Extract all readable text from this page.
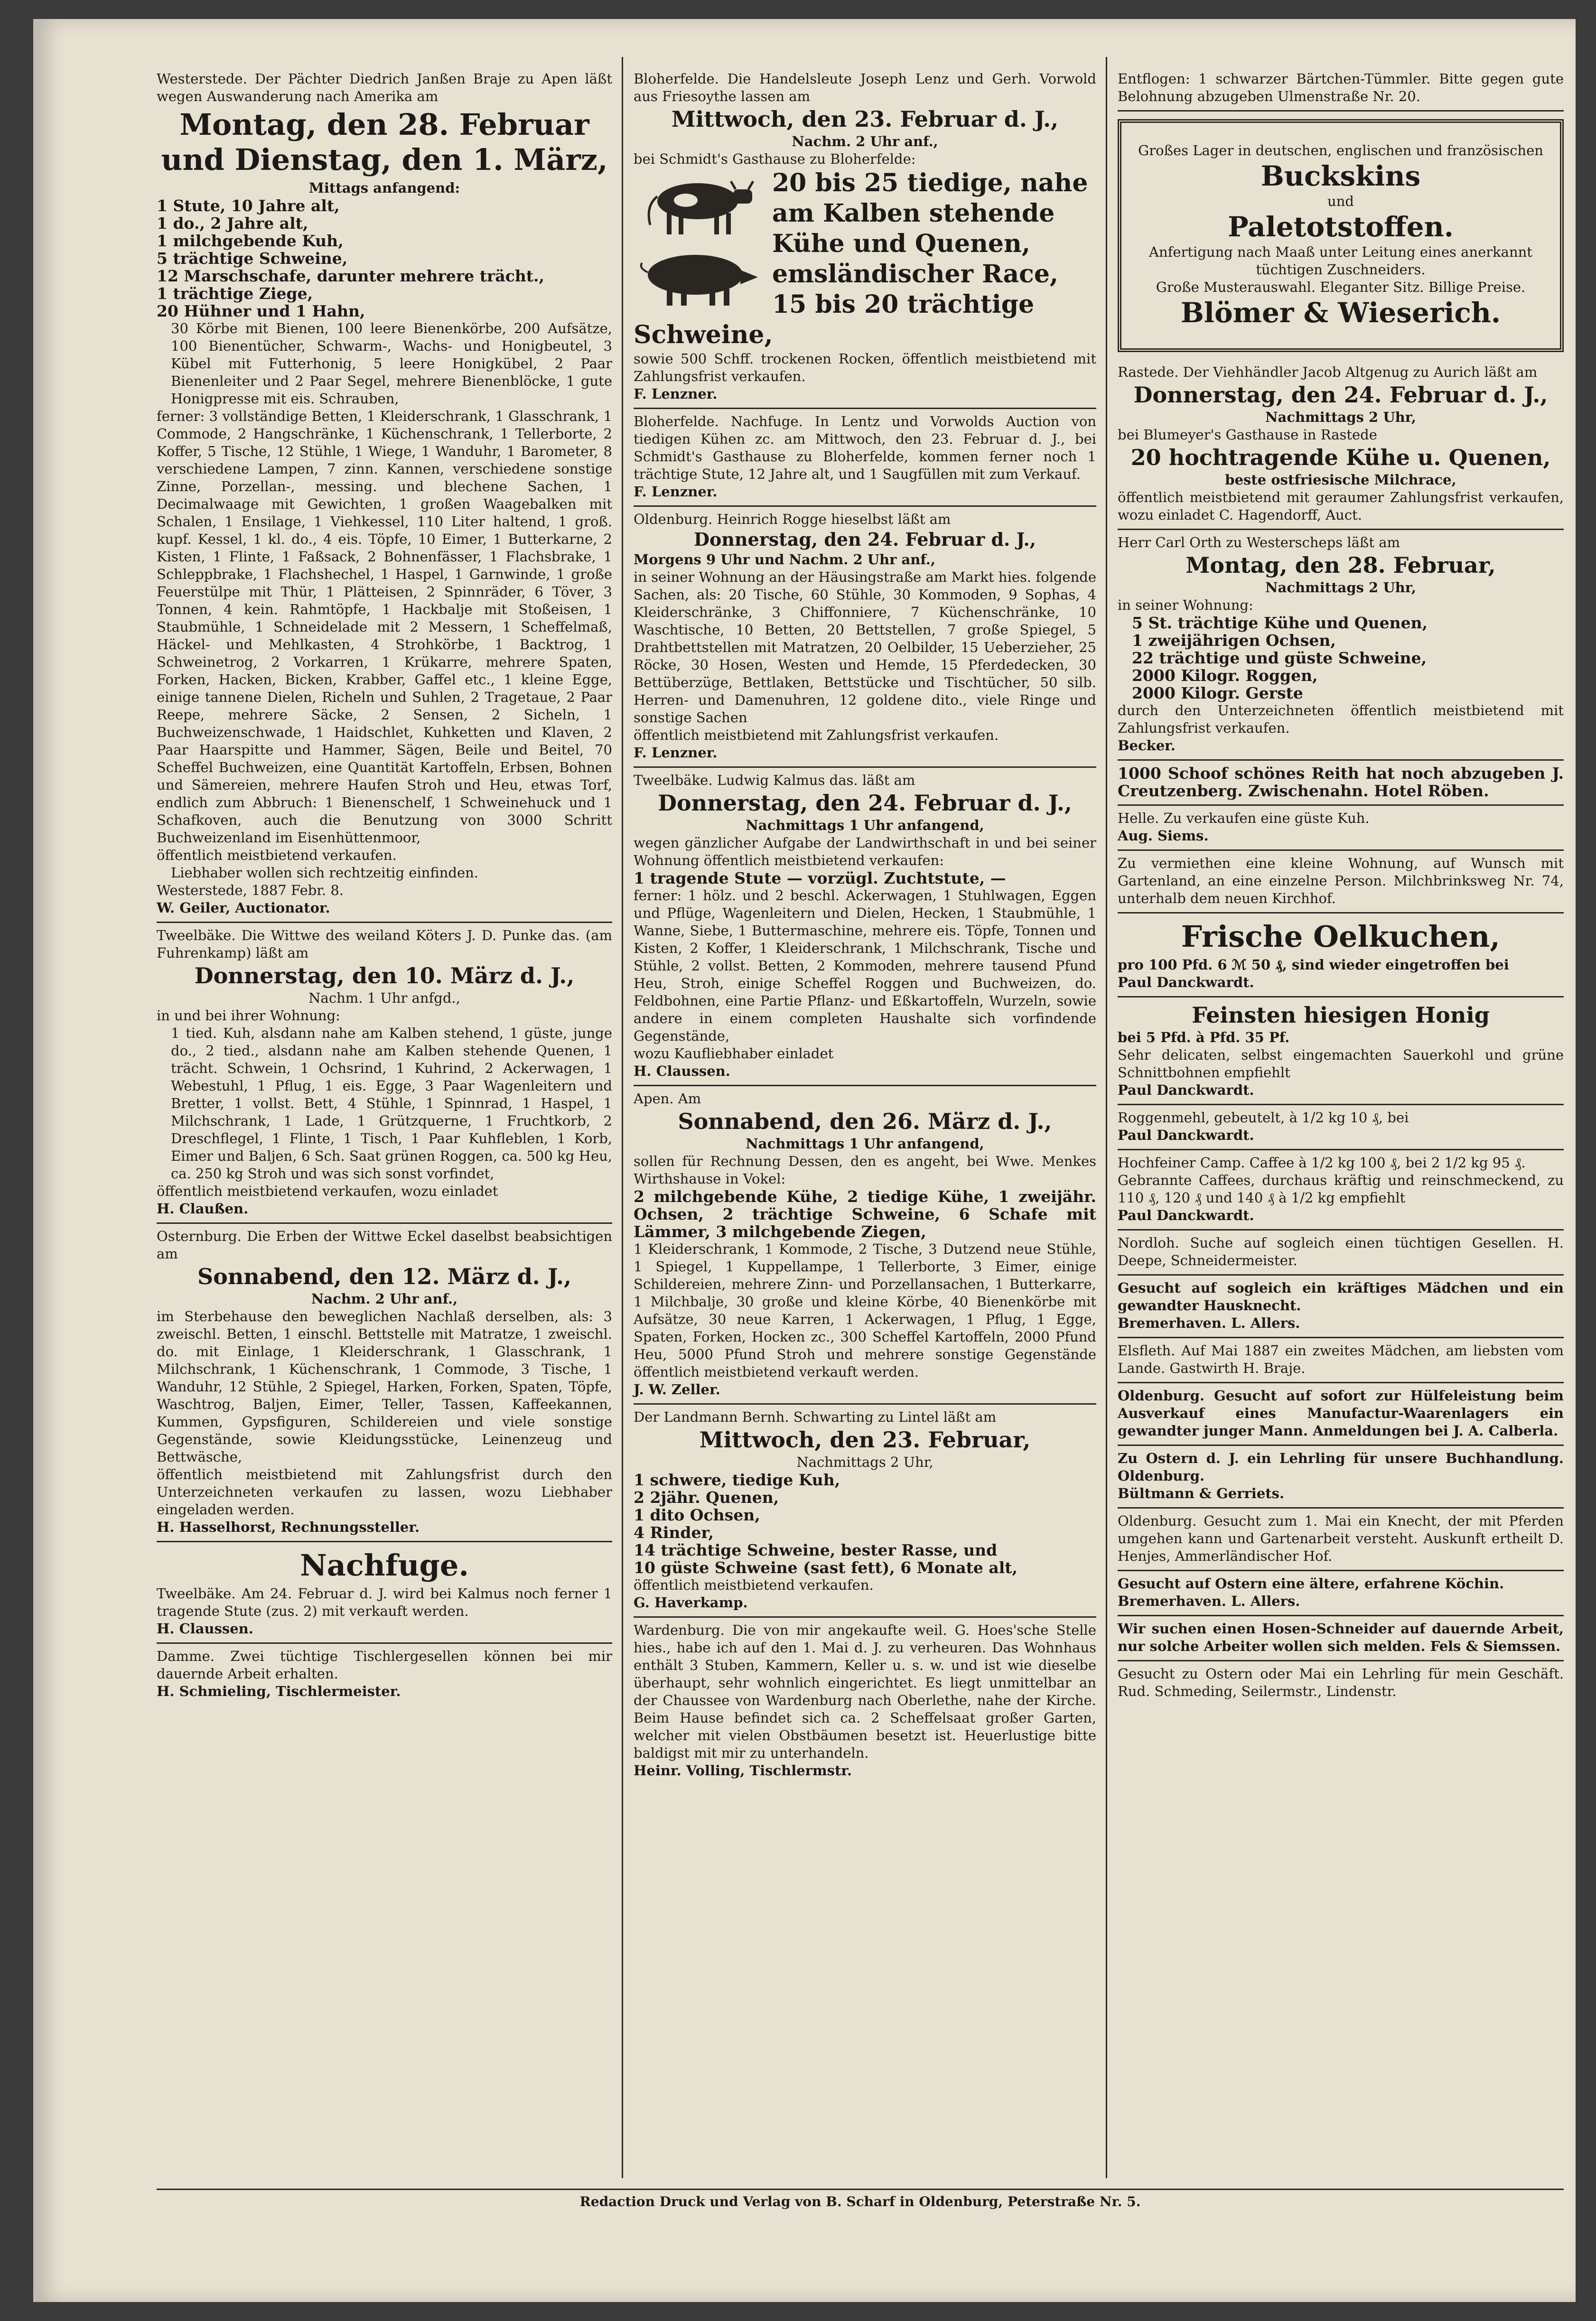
Westerstede. Der Pächter Diedrich Janßen Braje zu Apen läßt wegen Auswanderung nach Amerika am

Montag, den 28. Februar und Dienstag, den 1. März,

Mittags anfangend:

1 Stute, 10 Jahre alt,

1 do., 2 Jahre alt,

1 milchgebende Kuh,

5 trächtige Schweine,

12 Marschschafe, darunter mehrere trächt.,

1 trächtige Ziege,

20 Hühner und 1 Hahn,

30 Körbe mit Bienen, 100 leere Bienenkörbe, 200 Aufsätze, 100 Bienentücher, Schwarm-, Wachs- und Honigbeutel, 3 Kübel mit Futterhonig, 5 leere Honigkübel, 2 Paar Bienenleiter und 2 Paar Segel, mehrere Bienenblöcke, 1 gute Honigpresse mit eis. Schrauben,

ferner: 3 vollständige Betten, 1 Kleiderschrank, 1 Glasschrank, 1 Commode, 2 Hangschränke, 1 Küchenschrank, 1 Tellerborte, 2 Koffer, 5 Tische, 12 Stühle, 1 Wiege, 1 Wanduhr, 1 Barometer, 8 verschiedene Lampen, 7 zinn. Kannen, verschiedene sonstige Zinne, Porzellan-, messing. und blechene Sachen, 1 Decimalwaage mit Gewichten, 1 großen Waagebalken mit Schalen, 1 Ensilage, 1 Viehkessel, 110 Liter haltend, 1 groß. kupf. Kessel, 1 kl. do., 4 eis. Töpfe, 10 Eimer, 1 Butterkarne, 2 Kisten, 1 Flinte, 1 Faßsack, 2 Bohnenfässer, 1 Flachsbrake, 1 Schleppbrake, 1 Flachshechel, 1 Haspel, 1 Garnwinde, 1 große Feuerstülpe mit Thür, 1 Plätteisen, 2 Spinnräder, 6 Töver, 3 Tonnen, 4 kein. Rahmtöpfe, 1 Hackbalje mit Stoßeisen, 1 Staubmühle, 1 Schneidelade mit 2 Messern, 1 Scheffelmaß, Häckel- und Mehlkasten, 4 Strohkörbe, 1 Backtrog, 1 Schweinetrog, 2 Vorkarren, 1 Krükarre, mehrere Spaten, Forken, Hacken, Bicken, Krabber, Gaffel etc., 1 kleine Egge, einige tannene Dielen, Richeln und Suhlen, 2 Tragetaue, 2 Paar Reepe, mehrere Säcke, 2 Sensen, 2 Sicheln, 1 Buchweizenschwade, 1 Haidschlet, Kuhketten und Klaven, 2 Paar Haarspitte und Hammer, Sägen, Beile und Beitel, 70 Scheffel Buchweizen, eine Quantität Kartoffeln, Erbsen, Bohnen und Sämereien, mehrere Haufen Stroh und Heu, etwas Torf, endlich zum Abbruch: 1 Bienenschelf, 1 Schweinehuck und 1 Schafkoven, auch die Benutzung von 3000 Schritt Buchweizenland im Eisenhüttenmoor,

öffentlich meistbietend verkaufen.

Liebhaber wollen sich rechtzeitig einfinden.

Westerstede, 1887 Febr. 8.

W. Geiler, Auctionator.

Tweelbäke. Die Wittwe des weiland Köters J. D. Punke das. (am Fuhrenkamp) läßt am

Donnerstag, den 10. März d. J.,

Nachm. 1 Uhr anfgd.,

in und bei ihrer Wohnung:

1 tied. Kuh, alsdann nahe am Kalben stehend, 1 güste, junge do., 2 tied., alsdann nahe am Kalben stehende Quenen, 1 trächt. Schwein, 1 Ochsrind, 1 Kuhrind, 2 Ackerwagen, 1 Webestuhl, 1 Pflug, 1 eis. Egge, 3 Paar Wagenleitern und Bretter, 1 vollst. Bett, 4 Stühle, 1 Spinnrad, 1 Haspel, 1 Milchschrank, 1 Lade, 1 Grützquerne, 1 Fruchtkorb, 2 Dreschflegel, 1 Flinte, 1 Tisch, 1 Paar Kuhfleblen, 1 Korb, Eimer und Baljen, 6 Sch. Saat grünen Roggen, ca. 500 kg Heu, ca. 250 kg Stroh und was sich sonst vorfindet,

öffentlich meistbietend verkaufen, wozu einladet

H. Claußen.

Osternburg. Die Erben der Wittwe Eckel daselbst beabsichtigen am

Sonnabend, den 12. März d. J.,

Nachm. 2 Uhr anf.,

im Sterbehause den beweglichen Nachlaß derselben, als: 3 zweischl. Betten, 1 einschl. Bettstelle mit Matratze, 1 zweischl. do. mit Einlage, 1 Kleiderschrank, 1 Glasschrank, 1 Milchschrank, 1 Küchenschrank, 1 Commode, 3 Tische, 1 Wanduhr, 12 Stühle, 2 Spiegel, Harken, Forken, Spaten, Töpfe, Waschtrog, Baljen, Eimer, Teller, Tassen, Kaffeekannen, Kummen, Gypsfiguren, Schildereien und viele sonstige Gegenstände, sowie Kleidungsstücke, Leinenzeug und Bettwäsche,

öffentlich meistbietend mit Zahlungsfrist durch den Unterzeichneten verkaufen zu lassen, wozu Liebhaber eingeladen werden.

H. Hasselhorst, Rechnungssteller.

Nachfuge.

Tweelbäke. Am 24. Februar d. J. wird bei Kalmus noch ferner 1 tragende Stute (zus. 2) mit verkauft werden.

H. Claussen.

Damme. Zwei tüchtige Tischlergesellen können bei mir dauernde Arbeit erhalten.

H. Schmieling, Tischlermeister.

Bloherfelde. Die Handelsleute Joseph Lenz und Gerh. Vorwold aus Friesoythe lassen am

Mittwoch, den 23. Februar d. J.,

Nachm. 2 Uhr anf.,

bei Schmidt's Gasthause zu Bloherfelde:

20 bis 25 tiedige, nahe am Kalben stehende Kühe und Quenen, emsländischer Race, 15 bis 20 trächtige Schweine,

sowie 500 Schff. trockenen Rocken, öffentlich meistbietend mit Zahlungsfrist verkaufen.

F. Lenzner.

Bloherfelde. Nachfuge. In Lentz und Vorwolds Auction von tiedigen Kühen zc. am Mittwoch, den 23. Februar d. J., bei Schmidt's Gasthause zu Bloherfelde, kommen ferner noch 1 trächtige Stute, 12 Jahre alt, und 1 Saugfüllen mit zum Verkauf.

F. Lenzner.

Oldenburg. Heinrich Rogge hieselbst läßt am

Donnerstag, den 24. Februar d. J.,

Morgens 9 Uhr und Nachm. 2 Uhr anf.,

in seiner Wohnung an der Häusingstraße am Markt hies. folgende Sachen, als: 20 Tische, 60 Stühle, 30 Kommoden, 9 Sophas, 4 Kleiderschränke, 3 Chiffonniere, 7 Küchenschränke, 10 Waschtische, 10 Betten, 20 Bettstellen, 7 große Spiegel, 5 Drahtbettstellen mit Matratzen, 20 Oelbilder, 15 Ueberzieher, 25 Röcke, 30 Hosen, Westen und Hemde, 15 Pferdedecken, 30 Bettüberzüge, Bettlaken, Bettstücke und Tischtücher, 50 silb. Herren- und Damenuhren, 12 goldene dito., viele Ringe und sonstige Sachen

öffentlich meistbietend mit Zahlungsfrist verkaufen.

F. Lenzner.

Tweelbäke. Ludwig Kalmus das. läßt am

Donnerstag, den 24. Februar d. J.,

Nachmittags 1 Uhr anfangend,

wegen gänzlicher Aufgabe der Landwirthschaft in und bei seiner Wohnung öffentlich meistbietend verkaufen:

1 tragende Stute — vorzügl. Zuchtstute, —

ferner: 1 hölz. und 2 beschl. Ackerwagen, 1 Stuhlwagen, Eggen und Pflüge, Wagenleitern und Dielen, Hecken, 1 Staubmühle, 1 Wanne, Siebe, 1 Buttermaschine, mehrere eis. Töpfe, Tonnen und Kisten, 2 Koffer, 1 Kleiderschrank, 1 Milchschrank, Tische und Stühle, 2 vollst. Betten, 2 Kommoden, mehrere tausend Pfund Heu, Stroh, einige Scheffel Roggen und Buchweizen, do. Feldbohnen, eine Partie Pflanz- und Eßkartoffeln, Wurzeln, sowie andere in einem completen Haushalte sich vorfindende Gegenstände,

wozu Kaufliebhaber einladet

H. Claussen.

Apen. Am

Sonnabend, den 26. März d. J.,

Nachmittags 1 Uhr anfangend,

sollen für Rechnung Dessen, den es angeht, bei Wwe. Menkes Wirthshause in Vokel:

2 milchgebende Kühe, 2 tiedige Kühe, 1 zweijähr. Ochsen, 2 trächtige Schweine, 6 Schafe mit Lämmer, 3 milchgebende Ziegen,

1 Kleiderschrank, 1 Kommode, 2 Tische, 3 Dutzend neue Stühle, 1 Spiegel, 1 Kuppellampe, 1 Tellerborte, 3 Eimer, einige Schildereien, mehrere Zinn- und Porzellansachen, 1 Butterkarre, 1 Milchbalje, 30 große und kleine Körbe, 40 Bienenkörbe mit Aufsätze, 30 neue Karren, 1 Ackerwagen, 1 Pflug, 1 Egge, Spaten, Forken, Hocken zc., 300 Scheffel Kartoffeln, 2000 Pfund Heu, 5000 Pfund Stroh und mehrere sonstige Gegenstände öffentlich meistbietend verkauft werden.

J. W. Zeller.

Der Landmann Bernh. Schwarting zu Lintel läßt am

Mittwoch, den 23. Februar,

Nachmittags 2 Uhr,

1 schwere, tiedige Kuh,

2 2jähr. Quenen,

1 dito Ochsen,

4 Rinder,

14 trächtige Schweine, bester Rasse, und

10 güste Schweine (sast fett), 6 Monate alt,

öffentlich meistbietend verkaufen.

G. Haverkamp.

Wardenburg. Die von mir angekaufte weil. G. Hoes'sche Stelle hies., habe ich auf den 1. Mai d. J. zu verheuren. Das Wohnhaus enthält 3 Stuben, Kammern, Keller u. s. w. und ist wie dieselbe überhaupt, sehr wohnlich eingerichtet. Es liegt unmittelbar an der Chaussee von Wardenburg nach Oberlethe, nahe der Kirche. Beim Hause befindet sich ca. 2 Scheffelsaat großer Garten, welcher mit vielen Obstbäumen besetzt ist. Heuerlustige bitte baldigst mit mir zu unterhandeln.

Heinr. Volling, Tischlermstr.

Entflogen: 1 schwarzer Bärtchen-Tümmler. Bitte gegen gute Belohnung abzugeben Ulmenstraße Nr. 20.

Großes Lager in deutschen, englischen und französischen

Buckskins

und

Paletotstoffen.

Anfertigung nach Maaß unter Leitung eines anerkannt tüchtigen Zuschneiders.

Große Musterauswahl. Eleganter Sitz. Billige Preise.

Blömer & Wieserich.

Rastede. Der Viehhändler Jacob Altgenug zu Aurich läßt am

Donnerstag, den 24. Februar d. J.,

Nachmittags 2 Uhr,

bei Blumeyer's Gasthause in Rastede

20 hochtragende Kühe u. Quenen,

beste ostfriesische Milchrace,

öffentlich meistbietend mit geraumer Zahlungsfrist verkaufen, wozu einladet C. Hagendorff, Auct.

Herr Carl Orth zu Westerscheps läßt am

Montag, den 28. Februar,

Nachmittags 2 Uhr,

in seiner Wohnung:

5 St. trächtige Kühe und Quenen,

1 zweijährigen Ochsen,

22 trächtige und güste Schweine,

2000 Kilogr. Roggen,

2000 Kilogr. Gerste

durch den Unterzeichneten öffentlich meistbietend mit Zahlungsfrist verkaufen.

Becker.

1000 Schoof schönes Reith hat noch abzugeben J. Creutzenberg. Zwischenahn. Hotel Röben.

Helle. Zu verkaufen eine güste Kuh.

Aug. Siems.

Zu vermiethen eine kleine Wohnung, auf Wunsch mit Gartenland, an eine einzelne Person. Milchbrinksweg Nr. 74, unterhalb dem neuen Kirchhof.

Frische Oelkuchen,

pro 100 Pfd. 6 ℳ 50 ₰, sind wieder eingetroffen bei

Paul Danckwardt.

Feinsten hiesigen Honig

bei 5 Pfd. à Pfd. 35 Pf.

Sehr delicaten, selbst eingemachten Sauerkohl und grüne Schnittbohnen empfiehlt

Paul Danckwardt.

Roggenmehl, gebeutelt, à 1/2 kg 10 ₰, bei

Paul Danckwardt.

Hochfeiner Camp. Caffee à 1/2 kg 100 ₰, bei 2 1/2 kg 95 ₰.

Gebrannte Caffees, durchaus kräftig und reinschmeckend, zu 110 ₰, 120 ₰ und 140 ₰ à 1/2 kg empfiehlt

Paul Danckwardt.

Nordloh. Suche auf sogleich einen tüchtigen Gesellen. H. Deepe, Schneidermeister.

Gesucht auf sogleich ein kräftiges Mädchen und ein gewandter Hausknecht.

Bremerhaven. L. Allers.

Elsfleth. Auf Mai 1887 ein zweites Mädchen, am liebsten vom Lande. Gastwirth H. Braje.

Oldenburg. Gesucht auf sofort zur Hülfeleistung beim Ausverkauf eines Manufactur-Waarenlagers ein gewandter junger Mann. Anmeldungen bei J. A. Calberla.

Zu Ostern d. J. ein Lehrling für unsere Buchhandlung. Oldenburg.

Bültmann & Gerriets.

Oldenburg. Gesucht zum 1. Mai ein Knecht, der mit Pferden umgehen kann und Gartenarbeit versteht. Auskunft ertheilt D. Henjes, Ammerländischer Hof.

Gesucht auf Ostern eine ältere, erfahrene Köchin.

Bremerhaven. L. Allers.

Wir suchen einen Hosen-Schneider auf dauernde Arbeit, nur solche Arbeiter wollen sich melden. Fels & Siemssen.

Gesucht zu Ostern oder Mai ein Lehrling für mein Geschäft. Rud. Schmeding, Seilermstr., Lindenstr.

Redaction Druck und Verlag von B. Scharf in Oldenburg, Peterstraße Nr. 5.
